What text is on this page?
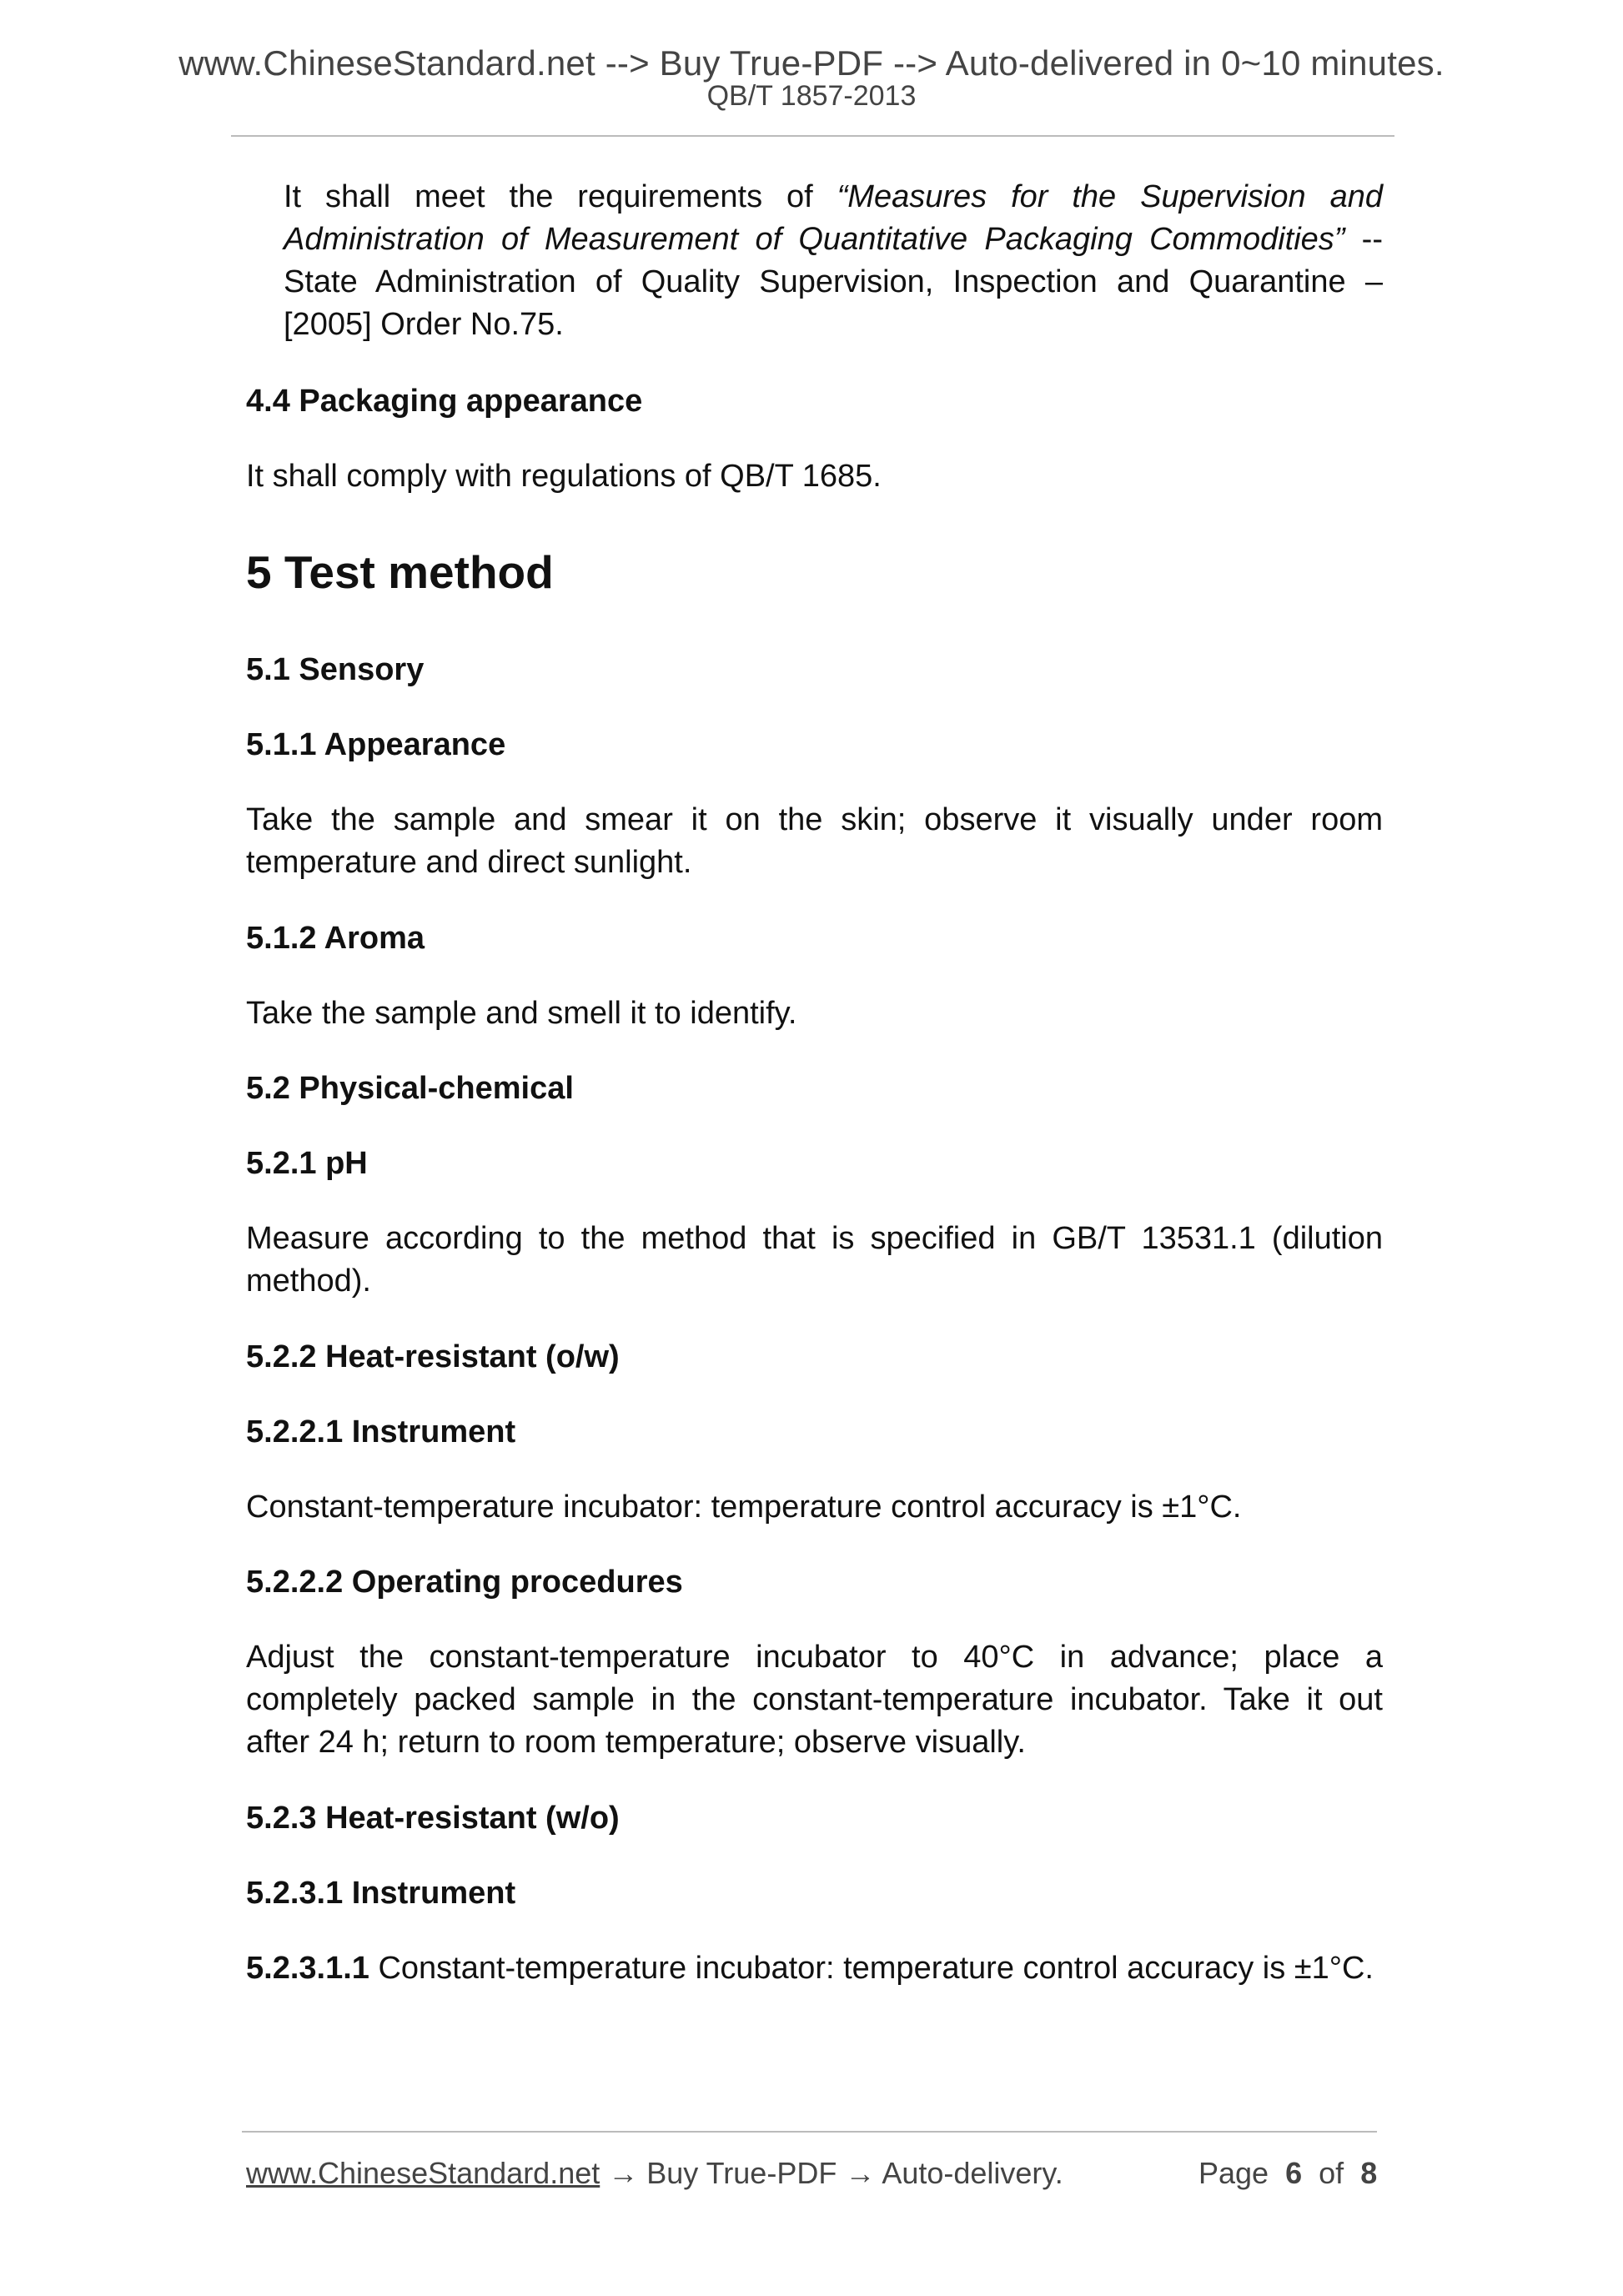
www.ChineseStandard.net --> Buy True-PDF --> Auto-delivered in 0~10 minutes.
QB/T 1857-2013
It shall meet the requirements of “Measures for the Supervision and Administration of Measurement of Quantitative Packaging Commodities” -- State Administration of Quality Supervision, Inspection and Quarantine – [2005] Order No.75.
4.4 Packaging appearance
It shall comply with regulations of QB/T 1685.
5 Test method
5.1 Sensory
5.1.1 Appearance
Take the sample and smear it on the skin; observe it visually under room temperature and direct sunlight.
5.1.2 Aroma
Take the sample and smell it to identify.
5.2 Physical-chemical
5.2.1 pH
Measure according to the method that is specified in GB/T 13531.1 (dilution method).
5.2.2 Heat-resistant (o/w)
5.2.2.1 Instrument
Constant-temperature incubator: temperature control accuracy is ±1°C.
5.2.2.2 Operating procedures
Adjust the constant-temperature incubator to 40°C in advance; place a completely packed sample in the constant-temperature incubator. Take it out after 24 h; return to room temperature; observe visually.
5.2.3 Heat-resistant (w/o)
5.2.3.1 Instrument
5.2.3.1.1 Constant-temperature incubator: temperature control accuracy is ±1°C.
www.ChineseStandard.net → Buy True-PDF → Auto-delivery.	Page 6 of 8
